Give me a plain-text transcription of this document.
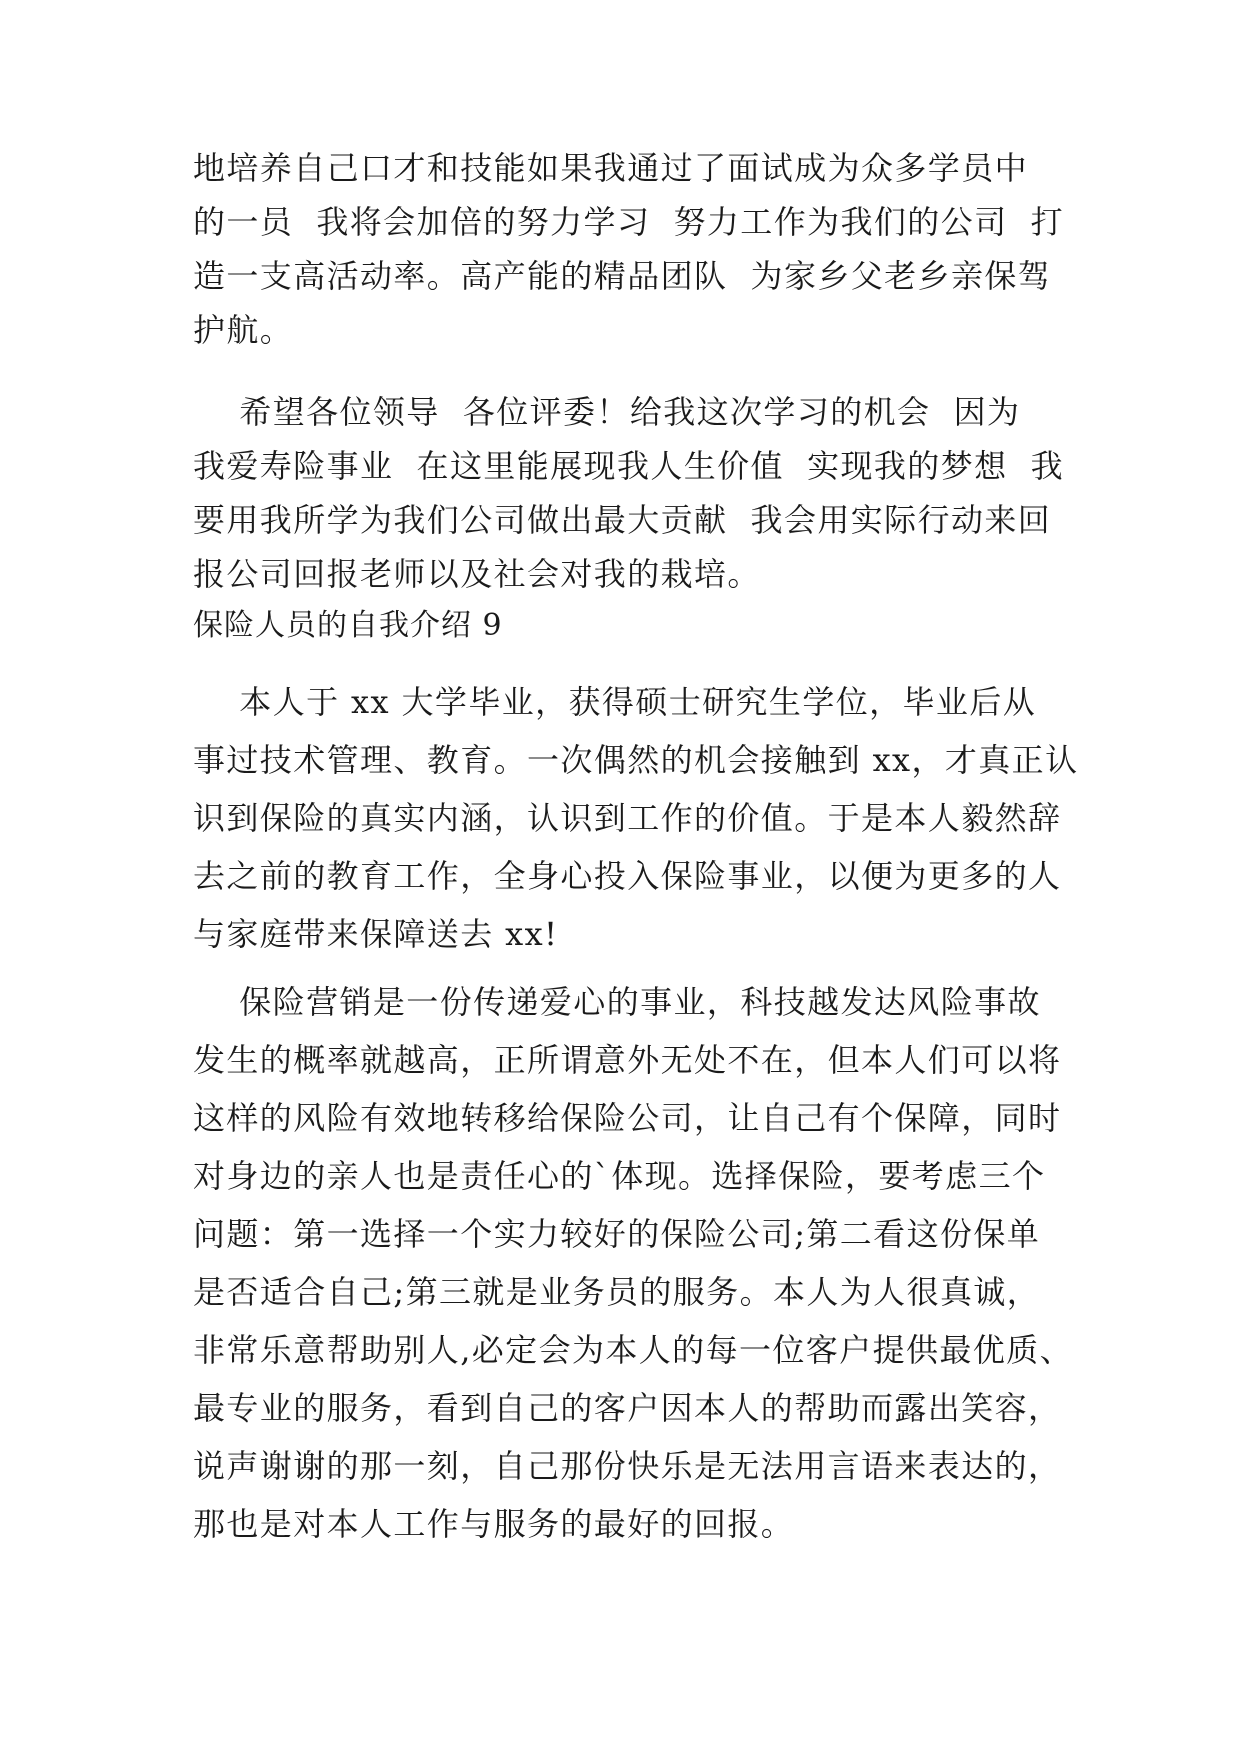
地培养自己口才和技能如果我通过了面试成为众多学员中
的一员  我将会加倍的努力学习  努力工作为我们的公司  打
造一支高活动率。高产能的精品团队  为家乡父老乡亲保驾
护航。
希望各位领导  各位评委！给我这次学习的机会  因为
我爱寿险事业  在这里能展现我人生价值  实现我的梦想  我
要用我所学为我们公司做出最大贡献  我会用实际行动来回
报公司回报老师以及社会对我的栽培。
保险人员的自我介绍 9
本人于 xx 大学毕业，获得硕士研究生学位，毕业后从
事过技术管理、教育。一次偶然的机会接触到 xx，才真正认
识到保险的真实内涵，认识到工作的价值。于是本人毅然辞
去之前的教育工作，全身心投入保险事业，以便为更多的人
与家庭带来保障送去 xx!
保险营销是一份传递爱心的事业，科技越发达风险事故
发生的概率就越高，正所谓意外无处不在，但本人们可以将
这样的风险有效地转移给保险公司，让自己有个保障，同时
对身边的亲人也是责任心的`体现。选择保险，要考虑三个
问题：第一选择一个实力较好的保险公司;第二看这份保单
是否适合自己;第三就是业务员的服务。本人为人很真诚，
非常乐意帮助别人,必定会为本人的每一位客户提供最优质、
最专业的服务，看到自己的客户因本人的帮助而露出笑容，
说声谢谢的那一刻，自己那份快乐是无法用言语来表达的，
那也是对本人工作与服务的最好的回报。
